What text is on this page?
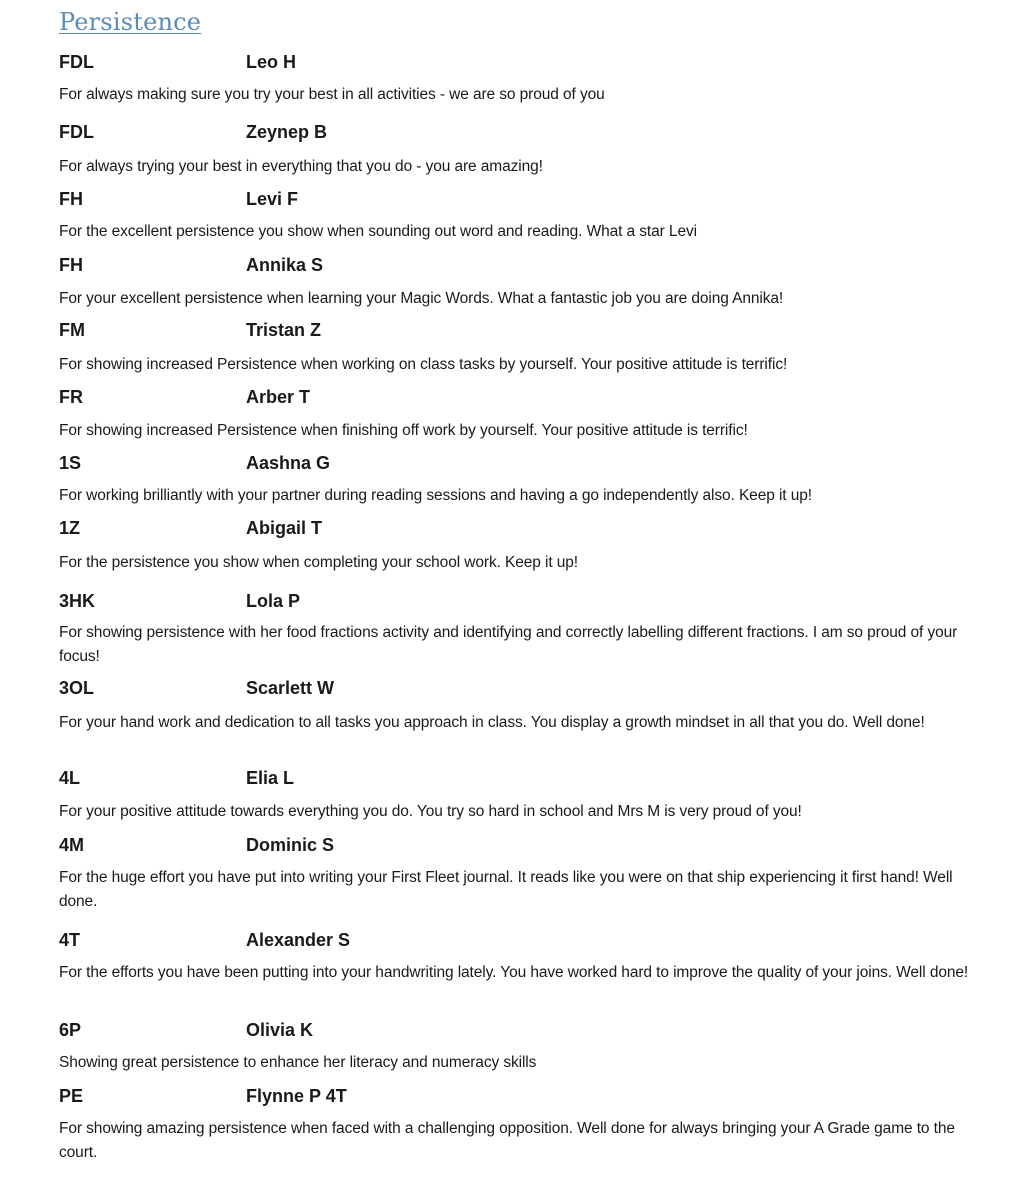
Persistence
FDL	Leo H

For always making sure you try your best in all activities - we are so proud of you

FDL	Zeynep B

For always trying your best in everything that you do - you are amazing!

FH	Levi F

For the excellent persistence you show when sounding out word and reading. What a star Levi

FH	Annika S

For your excellent persistence when learning your Magic Words. What a fantastic job you are doing Annika!

FM	Tristan Z

For showing increased Persistence when working on class tasks by yourself. Your positive attitude is terrific!

FR	Arber T

For showing increased Persistence when finishing off work by yourself. Your positive attitude is terrific!

1S	Aashna G

For working brilliantly with your partner during reading sessions and having a go independently also. Keep it up!

1Z	Abigail T

For the persistence you show when completing your school work. Keep it up!

3HK	Lola P

For showing persistence with her food fractions activity and identifying and correctly labelling different fractions. I am so proud of your focus!

3OL	Scarlett W

For your hand work and dedication to all tasks you approach in class. You display a growth mindset in all that you do. Well done!

4L	Elia L

For your positive attitude towards everything you do. You try so hard in school and Mrs M is very proud of you!

4M	Dominic S

For the huge effort you have put into writing your First Fleet journal. It reads like you were on that ship experiencing it first hand! Well done.

4T	Alexander S

For the efforts you have been putting into your handwriting lately. You have worked hard to improve the quality of your joins. Well done!

6P	Olivia K

Showing great persistence to enhance her literacy and numeracy skills

PE	Flynne P 4T

For showing amazing persistence when faced with a challenging opposition. Well done for always bringing your A Grade game to the court.
